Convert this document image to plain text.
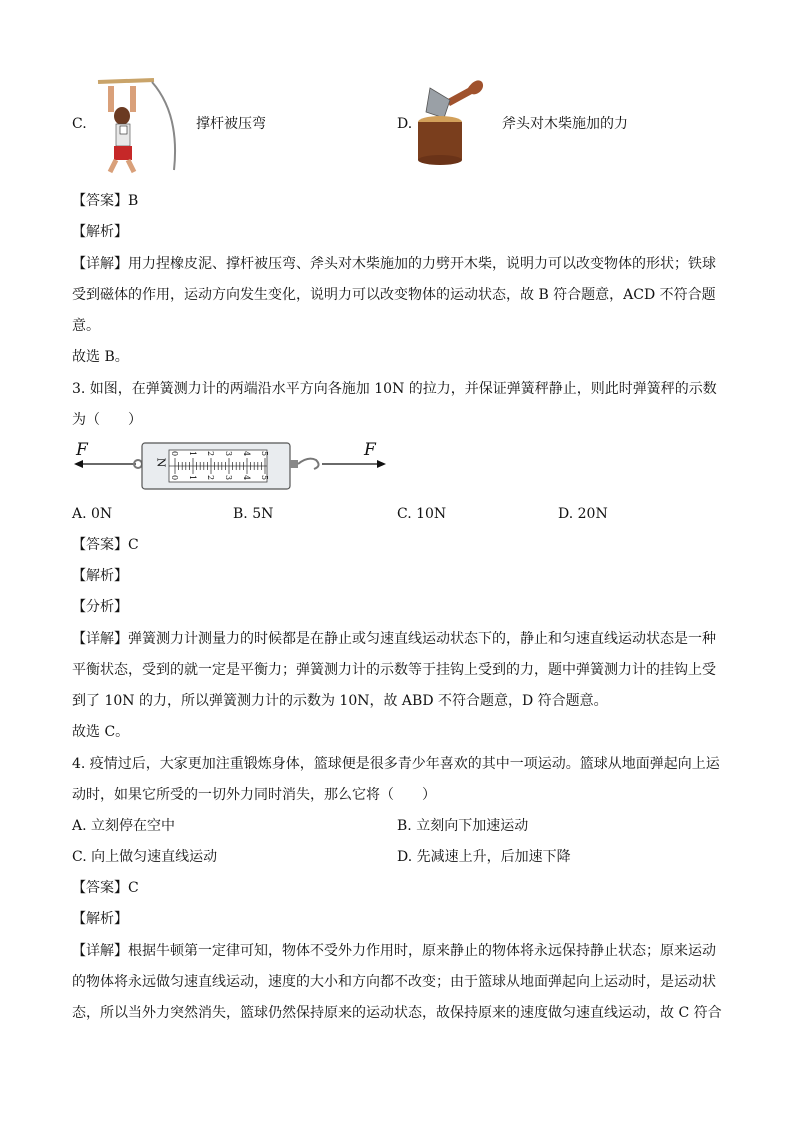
C.	撑杆被压弯	D.	斧头对木柴施加的力
【答案】B
【解析】
【详解】用力捏橡皮泥、撑杆被压弯、斧头对木柴施加的力劈开木柴，说明力可以改变物体的形状；铁球
受到磁体的作用，运动方向发生变化，说明力可以改变物体的运动状态，故 B 符合题意，ACD 不符合题
意。
故选 B。
3. 如图，在弹簧测力计的两端沿水平方向各施加 10N 的拉力，并保证弹簧秤静止，则此时弹簧秤的示数
为（　　）
F	F
N
0 1 2 3 4 5
0 1 2 3 4 5
A. 0N	B. 5N	C. 10N	D. 20N
【答案】C
【解析】
【分析】
【详解】弹簧测力计测量力的时候都是在静止或匀速直线运动状态下的，静止和匀速直线运动状态是一种
平衡状态，受到的就一定是平衡力；弹簧测力计的示数等于挂钩上受到的力，题中弹簧测力计的挂钩上受
到了 10N 的力，所以弹簧测力计的示数为 10N，故 ABD 不符合题意，D 符合题意。
故选 C。
4. 疫情过后，大家更加注重锻炼身体，篮球便是很多青少年喜欢的其中一项运动。篮球从地面弹起向上运
动时，如果它所受的一切外力同时消失，那么它将（　　）
A. 立刻停在空中	B. 立刻向下加速运动
C. 向上做匀速直线运动	D. 先减速上升，后加速下降
【答案】C
【解析】
【详解】根据牛顿第一定律可知，物体不受外力作用时，原来静止的物体将永远保持静止状态；原来运动
的物体将永远做匀速直线运动，速度的大小和方向都不改变；由于篮球从地面弹起向上运动时，是运动状
态，所以当外力突然消失，篮球仍然保持原来的运动状态，故保持原来的速度做匀速直线运动，故 C 符合
